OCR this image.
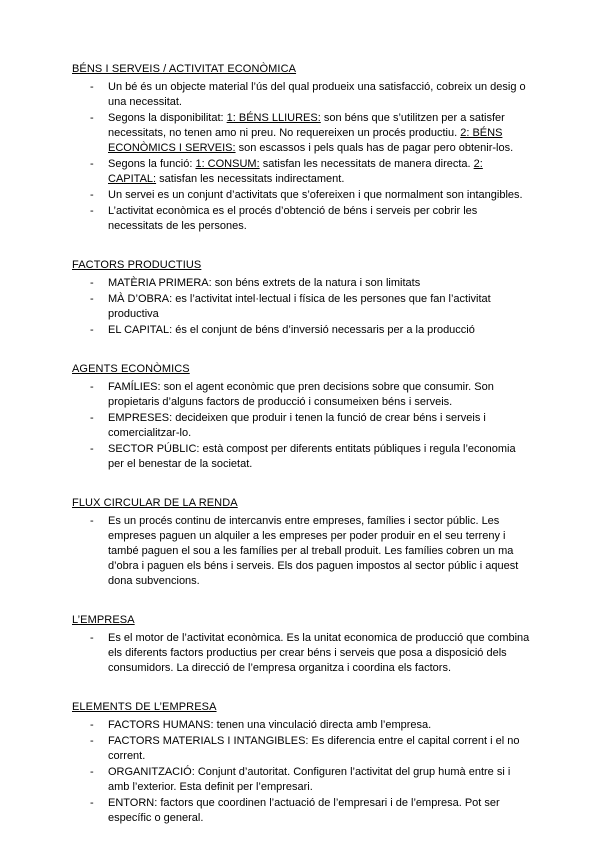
BÉNS I SERVEIS / ACTIVITAT ECONÒMICA
-	Un bé és un objecte material l’ús del qual produeix una satisfacció, cobreix un desig o una necessitat.
-	Segons la disponibilitat: 1: BÉNS LLIURES: son béns que s’utilitzen per a satisfer necessitats, no tenen amo ni preu. No requereixen un procés productiu. 2: BÉNS ECONÒMICS I SERVEIS: son escassos i pels quals has de pagar pero obtenir-los.
-	Segons la funció: 1: CONSUM: satisfan les necessitats de manera directa. 2: CAPITAL: satisfan les necessitats indirectament.
-	Un servei es un conjunt d’activitats que s’ofereixen i que normalment son intangibles.
-	L’activitat econòmica es el procés d’obtenció de béns i serveis per cobrir les necessitats de les persones.
FACTORS PRODUCTIUS
-	MATÈRIA PRIMERA: son béns extrets de la natura i son limitats
-	MÀ D’OBRA: es l’activitat intel·lectual i física de les persones que fan l’activitat productiva
-	EL CAPITAL: és el conjunt de béns d’inversió necessaris per a la producció
AGENTS ECONÒMICS
-	FAMÍLIES: son el agent econòmic que pren decisions sobre que consumir. Son propietaris d’alguns factors de producció i consumeixen béns i serveis.
-	EMPRESES: decideixen que produir i tenen la funció de crear béns i serveis i comercialitzar-lo.
-	SECTOR PÚBLIC: està compost per diferents entitats públiques i regula l’economia per el benestar de la societat.
FLUX CIRCULAR DE LA RENDA
-	Es un procés continu de intercanvis entre empreses, famílies i sector públic. Les empreses paguen un alquiler a les empreses per poder produir en el seu terreny i també paguen el sou a les famílies per al treball produit. Les famílies cobren un ma d’obra i paguen els béns i serveis. Els dos paguen impostos al sector públic i aquest dona subvencions.
L’EMPRESA
-	Es el motor de l’activitat econòmica. Es la unitat economica de producció que combina els diferents factors productius per crear béns i serveis que posa a disposició dels consumidors. La direcció de l’empresa organitza i coordina els factors.
ELEMENTS DE L’EMPRESA
-	FACTORS HUMANS: tenen una vinculació directa amb l’empresa.
-	FACTORS MATERIALS I INTANGIBLES: Es diferencia entre el capital corrent i el no corrent.
-	ORGANITZACIÓ: Conjunt d’autoritat. Configuren l’activitat del grup humà entre si i amb l’exterior. Esta definit per l’empresari.
-	ENTORN: factors que coordinen l’actuació de l’empresari i de l’empresa. Pot ser específic o general.
